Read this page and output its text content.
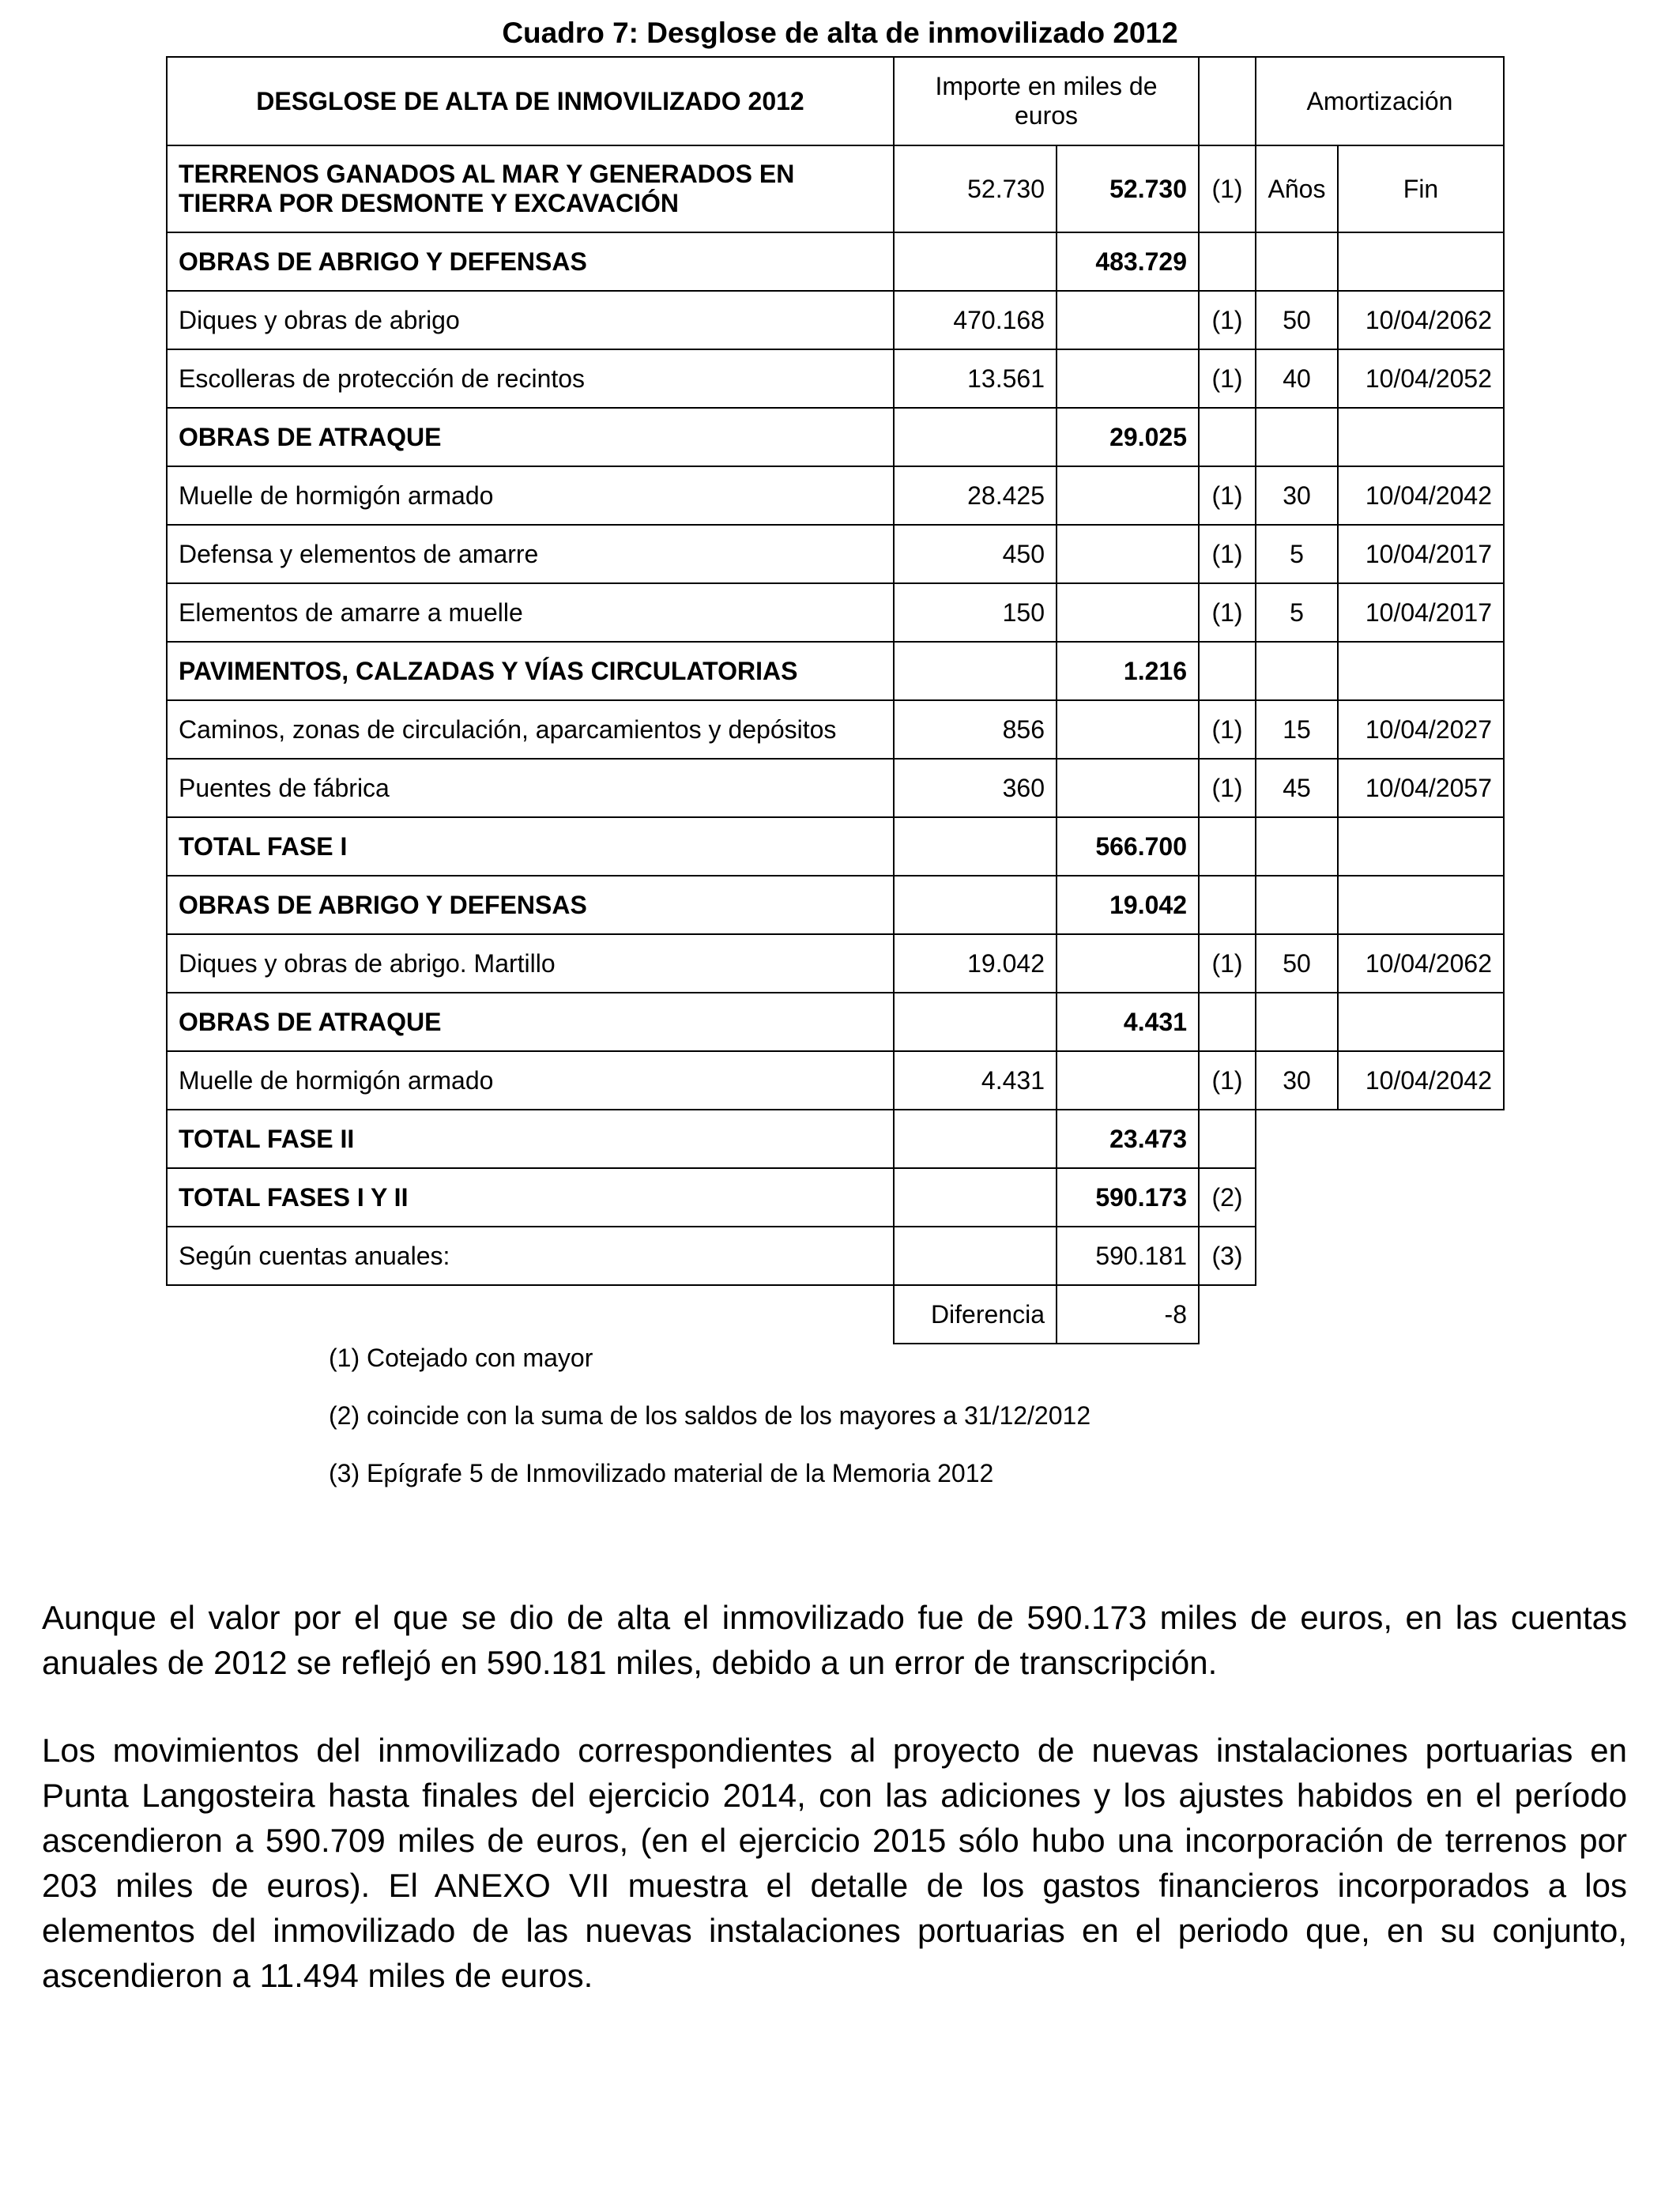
Cuadro 7: Desglose de alta de inmovilizado 2012
DESGLOSE DE ALTA DE INMOVILIZADO 2012	Importe en miles de euros			Amortización	
TERRENOS GANADOS AL MAR Y GENERADOS EN TIERRA POR DESMONTE Y EXCAVACIÓN	52.730	52.730	(1)	Años	Fin
OBRAS DE ABRIGO Y DEFENSAS		483.729			
Diques y obras de abrigo	470.168		(1)	50	10/04/2062
Escolleras de protección de recintos	13.561		(1)	40	10/04/2052
OBRAS DE ATRAQUE		29.025			
Muelle de hormigón armado	28.425		(1)	30	10/04/2042
Defensa y elementos de amarre	450		(1)	5	10/04/2017
Elementos de amarre a muelle	150		(1)	5	10/04/2017
PAVIMENTOS, CALZADAS Y VÍAS CIRCULATORIAS		1.216			
Caminos, zonas de circulación, aparcamientos y depósitos	856		(1)	15	10/04/2027
Puentes de fábrica	360		(1)	45	10/04/2057
TOTAL FASE I		566.700			
OBRAS DE ABRIGO Y DEFENSAS		19.042			
Diques y obras de abrigo. Martillo	19.042		(1)	50	10/04/2062
OBRAS DE ATRAQUE		4.431			
Muelle de hormigón armado	4.431		(1)	30	10/04/2042
TOTAL FASE II		23.473			
TOTAL FASES I Y II		590.173	(2)		
Según cuentas anuales:		590.181	(3)		
	Diferencia	-8			
(1) Cotejado con mayor
(2) coincide con la suma de los saldos de los mayores a 31/12/2012
(3) Epígrafe 5 de Inmovilizado material de la Memoria 2012

Aunque el valor por el que se dio de alta el inmovilizado fue de 590.173 miles de euros, en las cuentas anuales de 2012 se reflejó en 590.181 miles, debido a un error de transcripción.

Los movimientos del inmovilizado correspondientes al proyecto de nuevas instalaciones portuarias en Punta Langosteira hasta finales del ejercicio 2014, con las adiciones y los ajustes habidos en el período ascendieron a 590.709 miles de euros, (en el ejercicio 2015 sólo hubo una incorporación de terrenos por 203 miles de euros). El ANEXO VII muestra el detalle de los gastos financieros incorporados a los elementos del inmovilizado de las nuevas instalaciones portuarias en el periodo que, en su conjunto, ascendieron a 11.494 miles de euros.
